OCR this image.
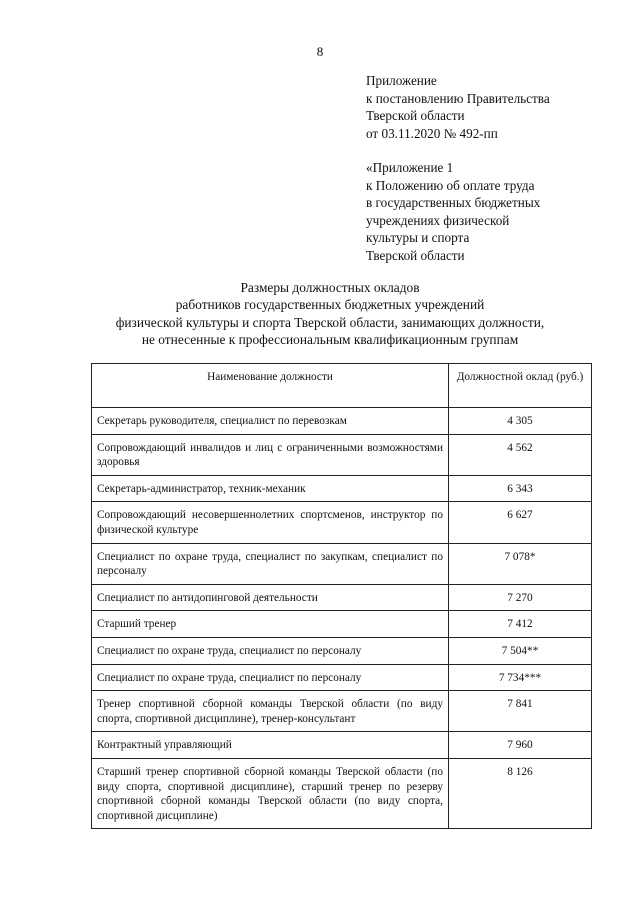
8
Приложение
к постановлению Правительства
Тверской области
от 03.11.2020 № 492-пп
«Приложение 1
к Положению об оплате труда
в государственных бюджетных
учреждениях физической
культуры и спорта
Тверской области
Размеры должностных окладов
работников государственных бюджетных учреждений
физической культуры и спорта Тверской области, занимающих должности,
не отнесенные к профессиональным квалификационным группам
Наименование должности	Должностной оклад (руб.)
Секретарь руководителя, специалист по перевозкам	4 305
Сопровождающий инвалидов и лиц с ограниченными возможностями здоровья	4 562
Секретарь-администратор, техник-механик	6 343
Сопровождающий несовершеннолетних спортсменов, инструктор по физической культуре	6 627
Специалист по охране труда, специалист по закупкам, специалист по персоналу	7 078*
Специалист по антидопинговой деятельности	7 270
Старший тренер	7 412
Специалист по охране труда, специалист по персоналу	7 504**
Специалист по охране труда, специалист по персоналу	7 734***
Тренер спортивной сборной команды Тверской области (по виду спорта, спортивной дисциплине), тренер-консультант	7 841
Контрактный управляющий	7 960
Старший тренер спортивной сборной команды Тверской области (по виду спорта, спортивной дисциплине), старший тренер по резерву спортивной сборной команды Тверской области (по виду спорта, спортивной дисциплине)	8 126
